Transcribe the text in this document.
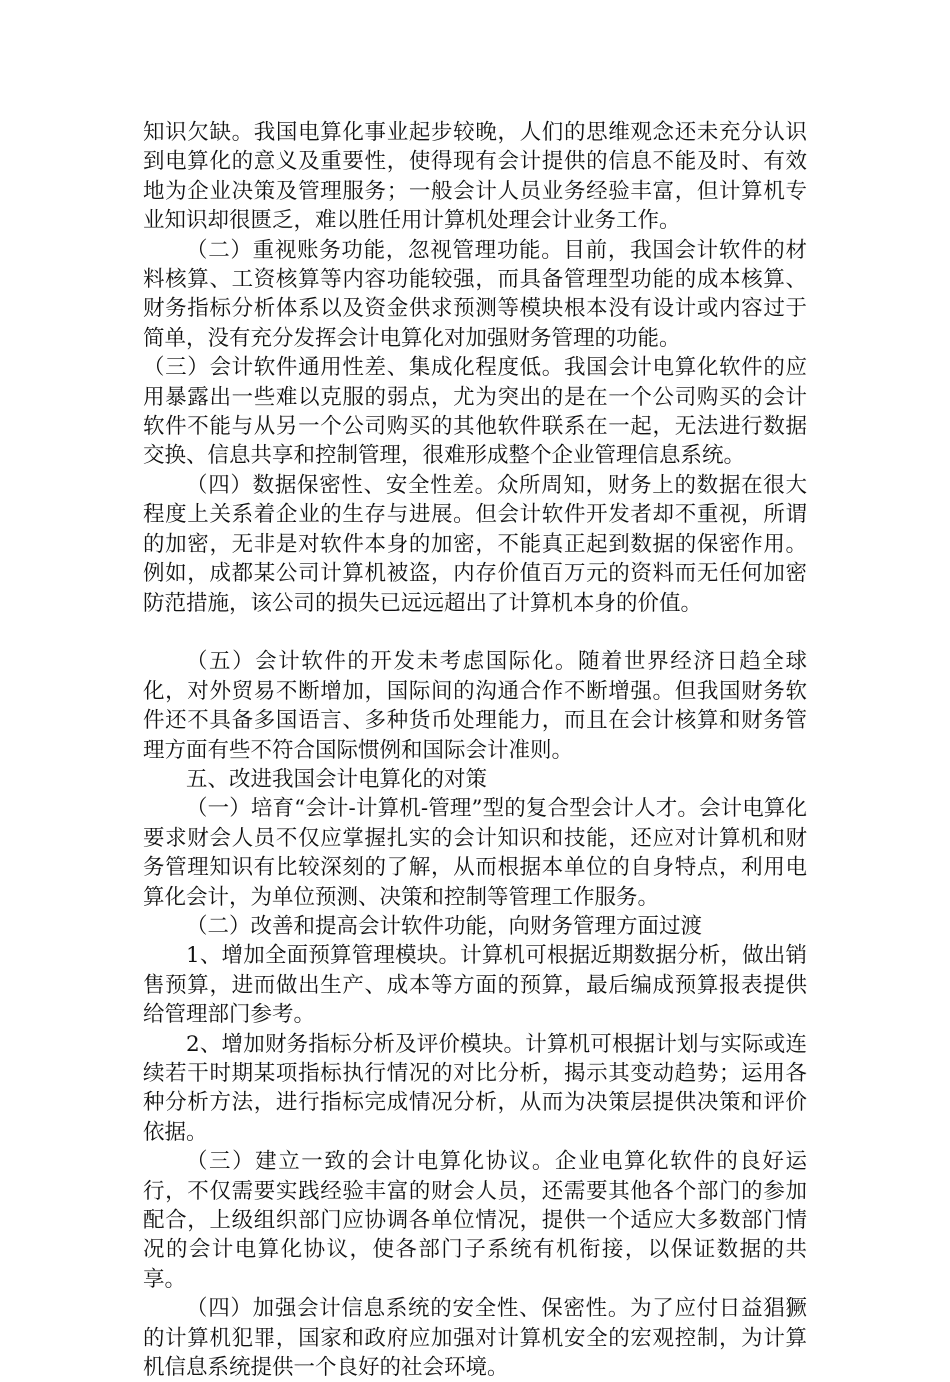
知识欠缺。我国电算化事业起步较晚，人们的思维观念还未充分认识到电算化的意义及重要性，使得现有会计提供的信息不能及时、有效地为企业决策及管理服务；一般会计人员业务经验丰富，但计算机专业知识却很匮乏，难以胜任用计算机处理会计业务工作。

（二）重视账务功能，忽视管理功能。目前，我国会计软件的材料核算、工资核算等内容功能较强，而具备管理型功能的成本核算、财务指标分析体系以及资金供求预测等模块根本没有设计或内容过于简单，没有充分发挥会计电算化对加强财务管理的功能。

（三）会计软件通用性差、集成化程度低。我国会计电算化软件的应用暴露出一些难以克服的弱点，尤为突出的是在一个公司购买的会计软件不能与从另一个公司购买的其他软件联系在一起，无法进行数据交换、信息共享和控制管理，很难形成整个企业管理信息系统。

（四）数据保密性、安全性差。众所周知，财务上的数据在很大程度上关系着企业的生存与进展。但会计软件开发者却不重视，所谓的加密，无非是对软件本身的加密，不能真正起到数据的保密作用。例如，成都某公司计算机被盗，内存价值百万元的资料而无任何加密防范措施，该公司的损失已远远超出了计算机本身的价值。

（五）会计软件的开发未考虑国际化。随着世界经济日趋全球化，对外贸易不断增加，国际间的沟通合作不断增强。但我国财务软件还不具备多国语言、多种货币处理能力，而且在会计核算和财务管理方面有些不符合国际惯例和国际会计准则。

五、改进我国会计电算化的对策

（一）培育“会计-计算机-管理”型的复合型会计人才。会计电算化要求财会人员不仅应掌握扎实的会计知识和技能，还应对计算机和财务管理知识有比较深刻的了解，从而根据本单位的自身特点，利用电算化会计，为单位预测、决策和控制等管理工作服务。

（二）改善和提高会计软件功能，向财务管理方面过渡

1、增加全面预算管理模块。计算机可根据近期数据分析，做出销售预算，进而做出生产、成本等方面的预算，最后编成预算报表提供给管理部门参考。

2、增加财务指标分析及评价模块。计算机可根据计划与实际或连续若干时期某项指标执行情况的对比分析，揭示其变动趋势；运用各种分析方法，进行指标完成情况分析，从而为决策层提供决策和评价依据。

（三）建立一致的会计电算化协议。企业电算化软件的良好运行，不仅需要实践经验丰富的财会人员，还需要其他各个部门的参加配合，上级组织部门应协调各单位情况，提供一个适应大多数部门情况的会计电算化协议，使各部门子系统有机衔接，以保证数据的共享。

（四）加强会计信息系统的安全性、保密性。为了应付日益猖獗的计算机犯罪，国家和政府应加强对计算机安全的宏观控制，为计算机信息系统提供一个良好的社会环境。
